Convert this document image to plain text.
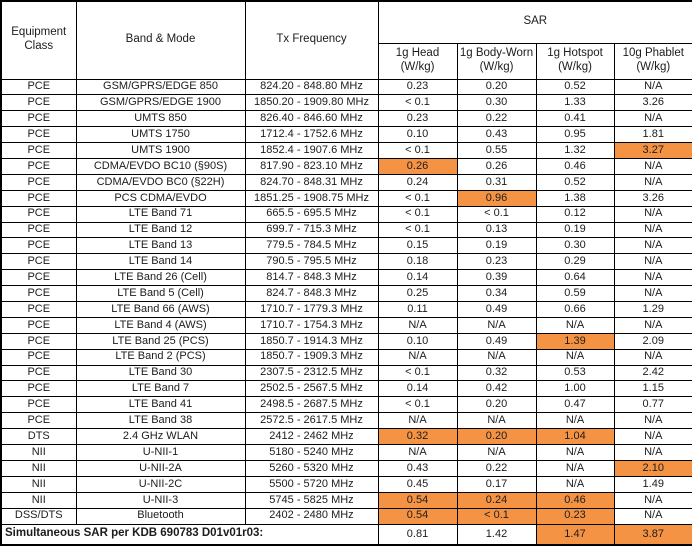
Equipment Class	Band & Mode	Tx Frequency	SAR			
			1g Head (W/kg)	1g Body-Worn (W/kg)	1g Hotspot (W/kg)	10g Phablet (W/kg)
PCE	GSM/GPRS/EDGE 850	824.20 - 848.80 MHz	0.23	0.20	0.52	N/A
PCE	GSM/GPRS/EDGE 1900	1850.20 - 1909.80 MHz	< 0.1	0.30	1.33	3.26
PCE	UMTS 850	826.40 - 846.60 MHz	0.23	0.22	0.41	N/A
PCE	UMTS 1750	1712.4 - 1752.6 MHz	0.10	0.43	0.95	1.81
PCE	UMTS 1900	1852.4 - 1907.6 MHz	< 0.1	0.55	1.32	3.27
PCE	CDMA/EVDO BC10 (§90S)	817.90 - 823.10 MHz	0.26	0.26	0.46	N/A
PCE	CDMA/EVDO BC0 (§22H)	824.70 - 848.31 MHz	0.24	0.31	0.52	N/A
PCE	PCS CDMA/EVDO	1851.25 - 1908.75 MHz	< 0.1	0.96	1.38	3.26
PCE	LTE Band 71	665.5 - 695.5 MHz	< 0.1	< 0.1	0.12	N/A
PCE	LTE Band 12	699.7 - 715.3 MHz	< 0.1	0.13	0.19	N/A
PCE	LTE Band 13	779.5 - 784.5 MHz	0.15	0.19	0.30	N/A
PCE	LTE Band 14	790.5 - 795.5 MHz	0.18	0.23	0.29	N/A
PCE	LTE Band 26 (Cell)	814.7 - 848.3 MHz	0.14	0.39	0.64	N/A
PCE	LTE Band 5 (Cell)	824.7 - 848.3 MHz	0.25	0.34	0.59	N/A
PCE	LTE Band 66 (AWS)	1710.7 - 1779.3 MHz	0.11	0.49	0.66	1.29
PCE	LTE Band 4 (AWS)	1710.7 - 1754.3 MHz	N/A	N/A	N/A	N/A
PCE	LTE Band 25 (PCS)	1850.7 - 1914.3 MHz	0.10	0.49	1.39	2.09
PCE	LTE Band 2 (PCS)	1850.7 - 1909.3 MHz	N/A	N/A	N/A	N/A
PCE	LTE Band 30	2307.5 - 2312.5 MHz	< 0.1	0.32	0.53	2.42
PCE	LTE Band 7	2502.5 - 2567.5 MHz	0.14	0.42	1.00	1.15
PCE	LTE Band 41	2498.5 - 2687.5 MHz	< 0.1	0.20	0.47	0.77
PCE	LTE Band 38	2572.5 - 2617.5 MHz	N/A	N/A	N/A	N/A
DTS	2.4 GHz WLAN	2412 - 2462 MHz	0.32	0.20	1.04	N/A
NII	U-NII-1	5180 - 5240 MHz	N/A	N/A	N/A	N/A
NII	U-NII-2A	5260 - 5320 MHz	0.43	0.22	N/A	2.10
NII	U-NII-2C	5500 - 5720 MHz	0.45	0.17	N/A	1.49
NII	U-NII-3	5745 - 5825 MHz	0.54	0.24	0.46	N/A
DSS/DTS	Bluetooth	2402 - 2480 MHz	0.54	< 0.1	0.23	N/A
Simultaneous SAR per KDB 690783 D01v01r03:			0.81	1.42	1.47	3.87
